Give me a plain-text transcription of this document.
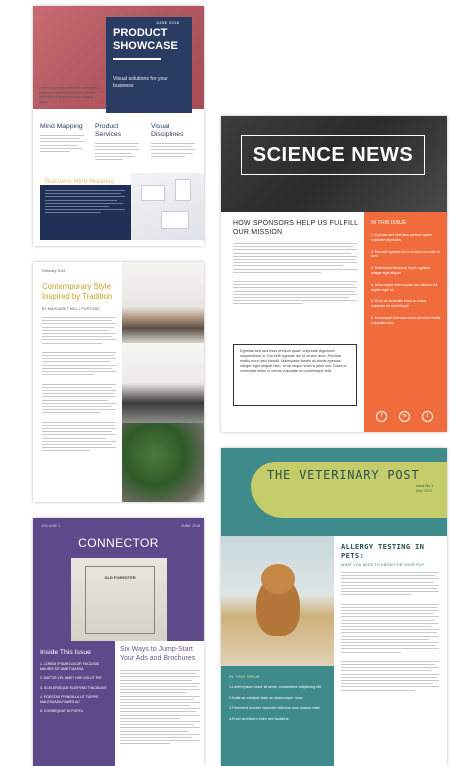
JUNE 2018
PRODUCT SHOWCASE
Visual solutions for your business
Lorem ipsum dolor sit amet consectetur adipiscing elit sed do eiusmod tempor incididunt ut labore et dolore magna aliqua
Mind Mapping Product Services
Visual Disciplines
Business Mind Mapping
February 2019
Contemporary Style Inspired by Tradition
BY MARGARET MILL | FORTISSE
VOLUME 1	JUNE 2018
CONNECTOR
OLD FORESTER
Inside This Issue
1. LOREM IPSUM DOLOR FACILISIS MAURIS SIT AMET MASSA
2. MATTIS VEL AMET NISI VOLUT PAT
3. SCELERISQUE ELEIFEND TINCIDUNT
4. EGESTAS FRINGILLA UT TURPIS MALESUADA FAMES AC
5. CONSEQUAT ID PORTA
Six Ways to Jump-Start Your Ads and Brochures
SCIENCE NEWS
HOW SPONSORS HELP US FULFILL OUR MISSION
Egestas sed sed risus pretium quam vulputate dignissim suspendisse in. Est velit egestas dui id ornare arcu. Pulvinar mattis nunc sed blandit. Malesuada fames ac turpis egestas integer eget aliquet nibh. Urna neque viverra justo nec. Diam ut venenatis tellus in metus vulputate eu scelerisque felis.
IN THIS ISSUE
1. Egestas sed sed risus pretium quam vulputate dignissim
2. Est velit egestas dui id ornare arcu odio ut sem
3. Malesuada fames ac turpis egestas integer eget aliquet
4. Urna neque viverra justo nec ultrices dui sapien eget mi
5. Diam ut venenatis tellus in metus vulputate eu scelerisque
6. Consequat interdum varius sit amet mattis vulputate enim
f	in	t
THE VETERINARY POST
Issue No 1
Dec. 2017
IN THIS ISSUE
1.Lorem ipsum dolor sit amet, consectetur adipiscing elit
2.Nulla ac volutpat diam ac ullamcorper nunc
3.Parturient montes nascetur ridiculus mus mauris vitae
4.Proin sed libero enim sed faucibus
ALLERGY TESTING IN PETS:
WHAT YOU NEED TO KNOW FOR YOUR PUP
